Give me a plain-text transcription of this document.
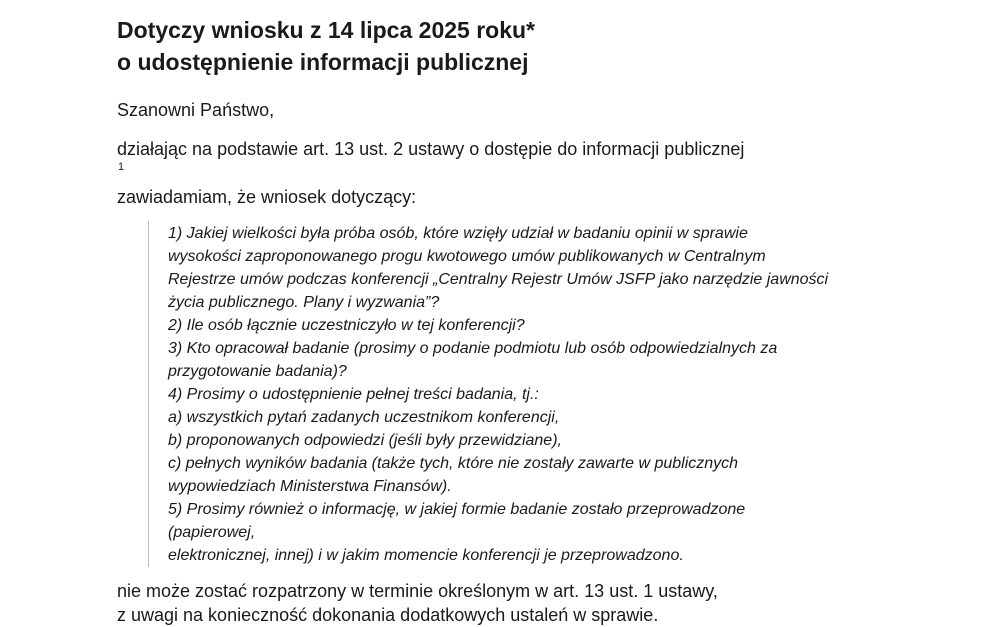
Dotyczy wniosku z 14 lipca 2025 roku*
o udostępnienie informacji publicznej

Szanowni Państwo,

działając na podstawie art. 13 ust. 2 ustawy o dostępie do informacji publicznej
$^1$
zawiadamiam, że wniosek dotyczący:

1) Jakiej wielkości była próba osób, które wzięły udział w badaniu opinii w sprawie
wysokości zaproponowanego progu kwotowego umów publikowanych w Centralnym
Rejestrze umów podczas konferencji „Centralny Rejestr Umów JSFP jako narzędzie jawności
życia publicznego. Plany i wyzwania”?
2) Ile osób łącznie uczestniczyło w tej konferencji?
3) Kto opracował badanie (prosimy o podanie podmiotu lub osób odpowiedzialnych za
przygotowanie badania)?
4) Prosimy o udostępnienie pełnej treści badania, tj.:
a) wszystkich pytań zadanych uczestnikom konferencji,
b) proponowanych odpowiedzi (jeśli były przewidziane),
c) pełnych wyników badania (także tych, które nie zostały zawarte w publicznych
wypowiedziach Ministerstwa Finansów).
5) Prosimy również o informację, w jakiej formie badanie zostało przeprowadzone
(papierowej,
elektronicznej, innej) i w jakim momencie konferencji je przeprowadzono.

nie może zostać rozpatrzony w terminie określonym w art. 13 ust. 1 ustawy,
z uwagi na konieczność dokonania dodatkowych ustaleń w sprawie.
